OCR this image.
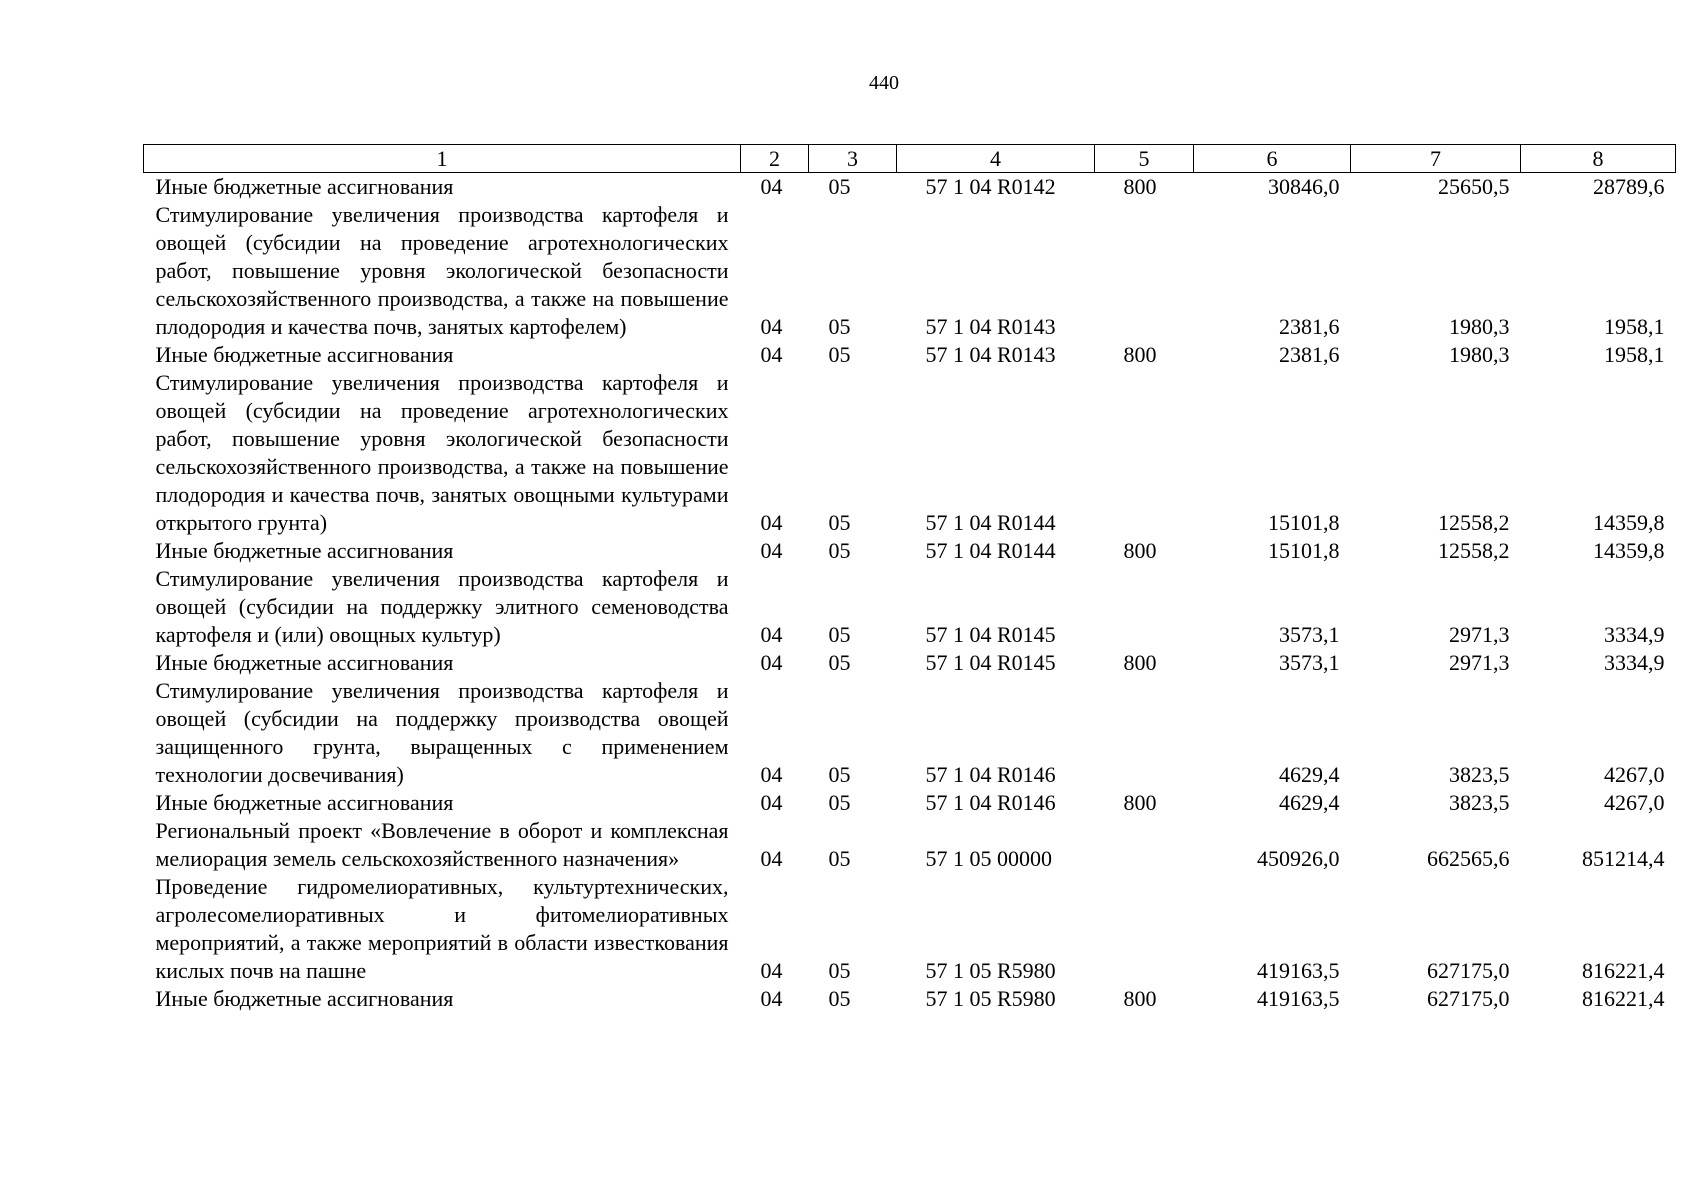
440
1	2	3	4	5	6	7	8
Иные бюджетные ассигнования	04	05	57 1 04 R0142	800	30846,0	25650,5	28789,6
Стимулирование увеличения производства картофеля и овощей (субсидии на проведение агротехнологических работ, повышение уровня экологической безопасности сельскохозяйственного производства, а также на повышение плодородия и качества почв, занятых картофелем)	04	05	57 1 04 R0143		2381,6	1980,3	1958,1
Иные бюджетные ассигнования	04	05	57 1 04 R0143	800	2381,6	1980,3	1958,1
Стимулирование увеличения производства картофеля и овощей (субсидии на проведение агротехнологических работ, повышение уровня экологической безопасности сельскохозяйственного производства, а также на повышение плодородия и качества почв, занятых овощными культурами открытого грунта)	04	05	57 1 04 R0144		15101,8	12558,2	14359,8
Иные бюджетные ассигнования	04	05	57 1 04 R0144	800	15101,8	12558,2	14359,8
Стимулирование увеличения производства картофеля и овощей (субсидии на поддержку элитного семеноводства картофеля и (или) овощных культур)	04	05	57 1 04 R0145		3573,1	2971,3	3334,9
Иные бюджетные ассигнования	04	05	57 1 04 R0145	800	3573,1	2971,3	3334,9
Стимулирование увеличения производства картофеля и овощей (субсидии на поддержку производства овощей защищенного грунта, выращенных с применением технологии досвечивания)	04	05	57 1 04 R0146		4629,4	3823,5	4267,0
Иные бюджетные ассигнования	04	05	57 1 04 R0146	800	4629,4	3823,5	4267,0
Региональный проект «Вовлечение в оборот и комплексная мелиорация земель сельскохозяйственного назначения»	04	05	57 1 05 00000		450926,0	662565,6	851214,4
Проведение гидромелиоративных, культуртехнических, агролесомелиоративных и фитомелиоративных мероприятий, а также мероприятий в области известкования кислых почв на пашне	04	05	57 1 05 R5980		419163,5	627175,0	816221,4
Иные бюджетные ассигнования	04	05	57 1 05 R5980	800	419163,5	627175,0	816221,4
